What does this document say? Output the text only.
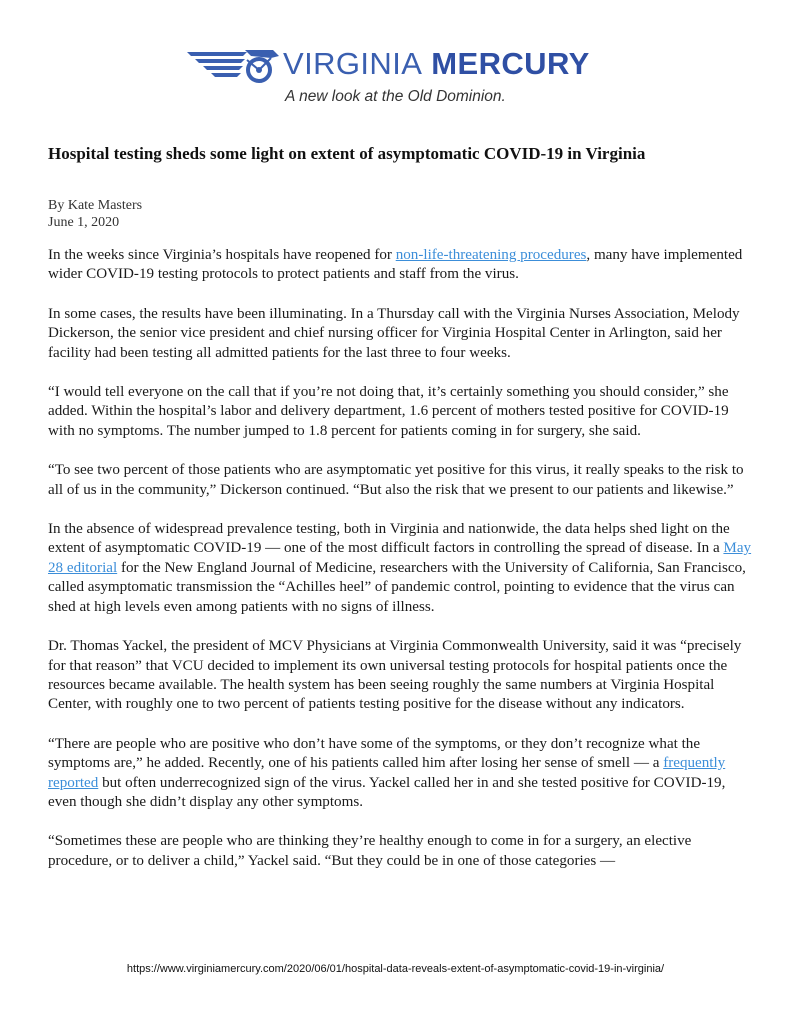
VIRGINIA MERCURY
A new look at the Old Dominion.
Hospital testing sheds some light on extent of asymptomatic COVID-19 in Virginia
By Kate Masters
June 1, 2020

In the weeks since Virginia’s hospitals have reopened for non-life-threatening procedures, many have implemented wider COVID-19 testing protocols to protect patients and staff from the virus.

In some cases, the results have been illuminating. In a Thursday call with the Virginia Nurses Association, Melody Dickerson, the senior vice president and chief nursing officer for Virginia Hospital Center in Arlington, said her facility had been testing all admitted patients for the last three to four weeks.

“I would tell everyone on the call that if you’re not doing that, it’s certainly something you should consider,” she added. Within the hospital’s labor and delivery department, 1.6 percent of mothers tested positive for COVID-19 with no symptoms. The number jumped to 1.8 percent for patients coming in for surgery, she said.

“To see two percent of those patients who are asymptomatic yet positive for this virus, it really speaks to the risk to all of us in the community,” Dickerson continued. “But also the risk that we present to our patients and likewise.”

In the absence of widespread prevalence testing, both in Virginia and nationwide, the data helps shed light on the extent of asymptomatic COVID-19 — one of the most difficult factors in controlling the spread of disease. In a May 28 editorial for the New England Journal of Medicine, researchers with the University of California, San Francisco, called asymptomatic transmission the “Achilles heel” of pandemic control, pointing to evidence that the virus can shed at high levels even among patients with no signs of illness.

Dr. Thomas Yackel, the president of MCV Physicians at Virginia Commonwealth University, said it was “precisely for that reason” that VCU decided to implement its own universal testing protocols for hospital patients once the resources became available. The health system has been seeing roughly the same numbers at Virginia Hospital Center, with roughly one to two percent of patients testing positive for the disease without any indicators.

“There are people who are positive who don’t have some of the symptoms, or they don’t recognize what the symptoms are,” he added. Recently, one of his patients called him after losing her sense of smell — a frequently reported but often underrecognized sign of the virus. Yackel called her in and she tested positive for COVID-19, even though she didn’t display any other symptoms.

“Sometimes these are people who are thinking they’re healthy enough to come in for a surgery, an elective procedure, or to deliver a child,” Yackel said. “But they could be in one of those categories —

https://www.virginiamercury.com/2020/06/01/hospital-data-reveals-extent-of-asymptomatic-covid-19-in-virginia/
